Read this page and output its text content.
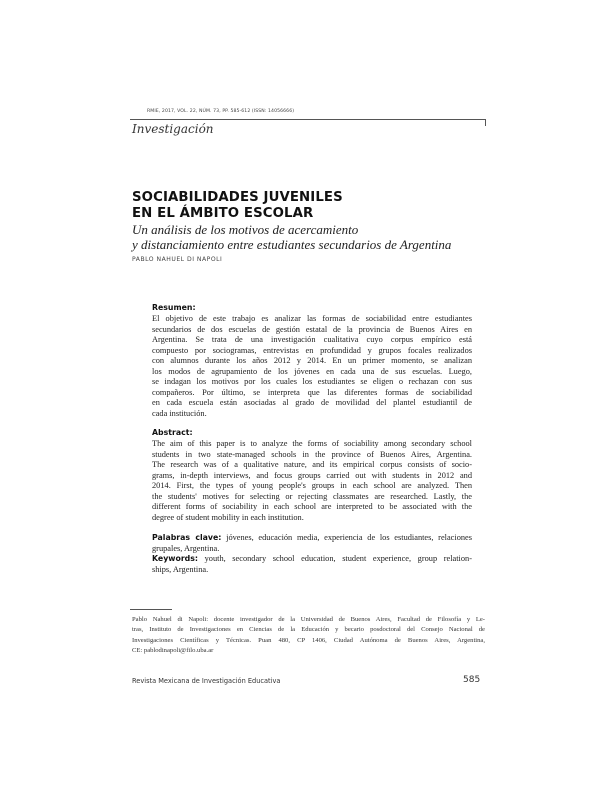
RMIE, 2017, VOL. 22, NÚM. 73, PP. 585-612 (ISSN: 14056666)
Investigación
SOCIABILIDADES JUVENILES
EN EL ÁMBITO ESCOLAR
Un análisis de los motivos de acercamiento
y distanciamiento entre estudiantes secundarios de Argentina
PABLO NAHUEL DI NAPOLI
Resumen:
El objetivo de este trabajo es analizar las formas de sociabilidad entre estudiantes
secundarios de dos escuelas de gestión estatal de la provincia de Buenos Aires en
Argentina. Se trata de una investigación cualitativa cuyo corpus empírico está
compuesto por sociogramas, entrevistas en profundidad y grupos focales realizados
con alumnos durante los años 2012 y 2014. En un primer momento, se analizan
los modos de agrupamiento de los jóvenes en cada una de sus escuelas. Luego,
se indagan los motivos por los cuales los estudiantes se eligen o rechazan con sus
compañeros. Por último, se interpreta que las diferentes formas de sociabilidad
en cada escuela están asociadas al grado de movilidad del plantel estudiantil de
cada institución.
Abstract:
The aim of this paper is to analyze the forms of sociability among secondary school
students in two state-managed schools in the province of Buenos Aires, Argentina.
The research was of a qualitative nature, and its empirical corpus consists of socio-
grams, in-depth interviews, and focus groups carried out with students in 2012 and
2014. First, the types of young people's groups in each school are analyzed. Then
the students' motives for selecting or rejecting classmates are researched. Lastly, the
different forms of sociability in each school are interpreted to be associated with the
degree of student mobility in each institution.
Palabras clave: jóvenes, educación media, experiencia de los estudiantes, relaciones
grupales, Argentina.
Keywords: youth, secondary school education, student experience, group relation-
ships, Argentina.
Pablo Nahuel di Napoli: docente investigador de la Universidad de Buenos Aires, Facultad de Filosofía y Le-
tras, Instituto de Investigaciones en Ciencias de la Educación y becario posdoctoral del Consejo Nacional de
Investigaciones Científicas y Técnicas. Puan 480, CP 1406, Ciudad Autónoma de Buenos Aires, Argentina,
CE: pablodinapoli@filo.uba.ar
Revista Mexicana de Investigación Educativa	585
